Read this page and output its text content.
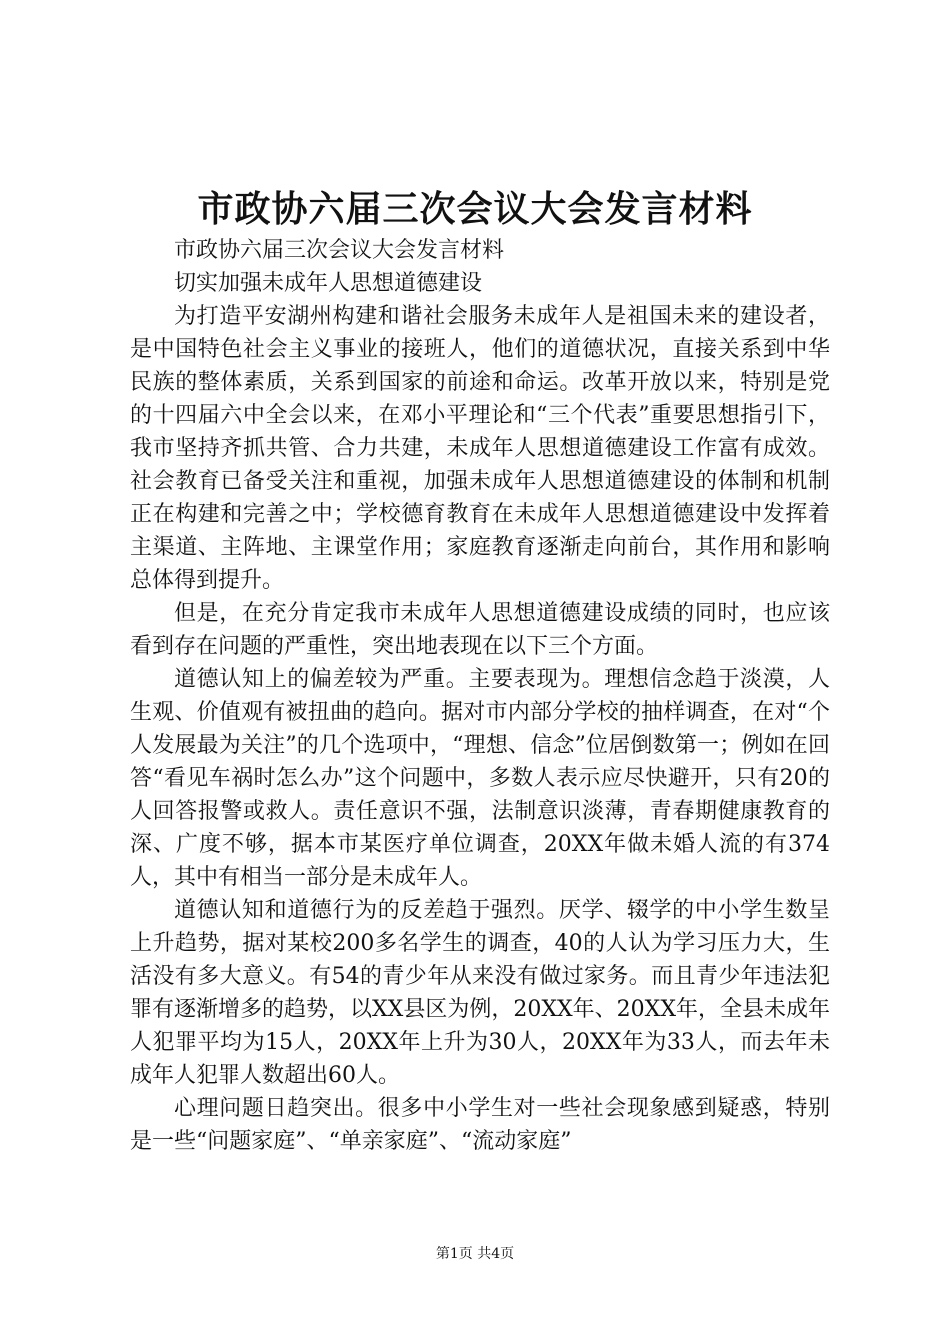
市政协六届三次会议大会发言材料

市政协六届三次会议大会发言材料

切实加强未成年人思想道德建设

为打造平安湖州构建和谐社会服务未成年人是祖国未来的建设者，是中国特色社会主义事业的接班人，他们的道德状况，直接关系到中华民族的整体素质，关系到国家的前途和命运。改革开放以来，特别是党的十四届六中全会以来，在邓小平理论和“三个代表”重要思想指引下，我市坚持齐抓共管、合力共建，未成年人思想道德建设工作富有成效。社会教育已备受关注和重视，加强未成年人思想道德建设的体制和机制正在构建和完善之中；学校德育教育在未成年人思想道德建设中发挥着主渠道、主阵地、主课堂作用；家庭教育逐渐走向前台，其作用和影响总体得到提升。

但是，在充分肯定我市未成年人思想道德建设成绩的同时，也应该看到存在问题的严重性，突出地表现在以下三个方面。

道德认知上的偏差较为严重。主要表现为。理想信念趋于淡漠，人生观、价值观有被扭曲的趋向。据对市内部分学校的抽样调查，在对“个人发展最为关注”的几个选项中，“理想、信念”位居倒数第一；例如在回答“看见车祸时怎么办”这个问题中，多数人表示应尽快避开，只有20的人回答报警或救人。责任意识不强，法制意识淡薄，青春期健康教育的深、广度不够，据本市某医疗单位调查，20XX年做未婚人流的有374人，其中有相当一部分是未成年人。

道德认知和道德行为的反差趋于强烈。厌学、辍学的中小学生数呈上升趋势，据对某校200多名学生的调查，40的人认为学习压力大，生活没有多大意义。有54的青少年从来没有做过家务。而且青少年违法犯罪有逐渐增多的趋势，以XX县区为例，20XX年、20XX年，全县未成年人犯罪平均为15人，20XX年上升为30人，20XX年为33人，而去年未成年人犯罪人数超出60人。

心理问题日趋突出。很多中小学生对一些社会现象感到疑惑，特别是一些“问题家庭”、“单亲家庭”、“流动家庭”

第1页 共4页
